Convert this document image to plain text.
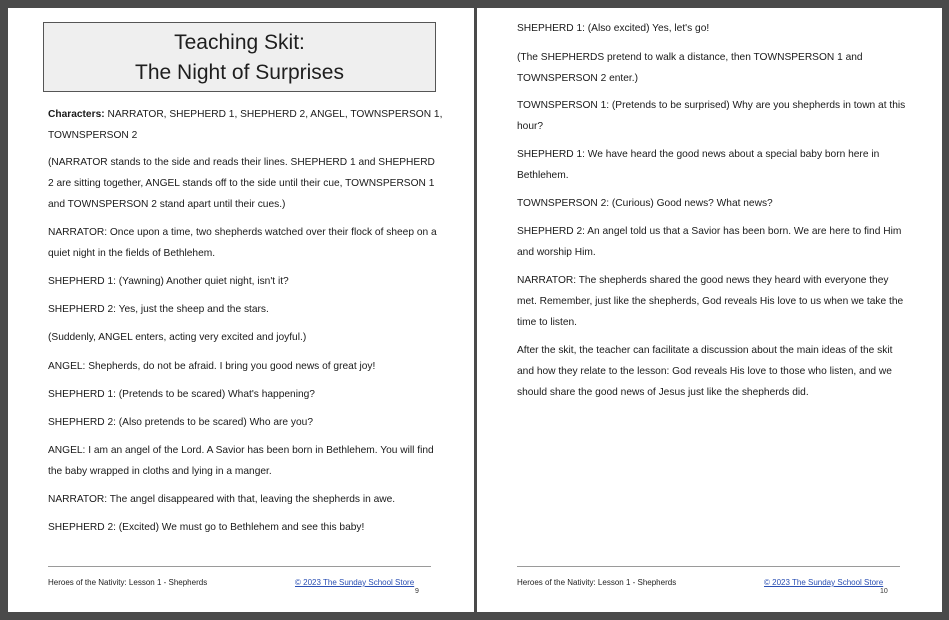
Teaching Skit:
The Night of Surprises
Characters: NARRATOR, SHEPHERD 1, SHEPHERD 2, ANGEL, TOWNSPERSON 1, TOWNSPERSON 2
(NARRATOR stands to the side and reads their lines. SHEPHERD 1 and SHEPHERD 2 are sitting together, ANGEL stands off to the side until their cue, TOWNSPERSON 1 and TOWNSPERSON 2 stand apart until their cues.)
NARRATOR: Once upon a time, two shepherds watched over their flock of sheep on a quiet night in the fields of Bethlehem.
SHEPHERD 1: (Yawning) Another quiet night, isn't it?
SHEPHERD 2: Yes, just the sheep and the stars.
(Suddenly, ANGEL enters, acting very excited and joyful.)
ANGEL: Shepherds, do not be afraid. I bring you good news of great joy!
SHEPHERD 1: (Pretends to be scared) What's happening?
SHEPHERD 2: (Also pretends to be scared) Who are you?
ANGEL: I am an angel of the Lord. A Savior has been born in Bethlehem. You will find the baby wrapped in cloths and lying in a manger.
NARRATOR: The angel disappeared with that, leaving the shepherds in awe.
SHEPHERD 2: (Excited) We must go to Bethlehem and see this baby!
Heroes of the Nativity: Lesson 1 - Shepherds	© 2023 The Sunday School Store
9
SHEPHERD 1: (Also excited) Yes, let's go!
(The SHEPHERDS pretend to walk a distance, then TOWNSPERSON 1 and TOWNSPERSON 2 enter.)
TOWNSPERSON 1: (Pretends to be surprised) Why are you shepherds in town at this hour?
SHEPHERD 1: We have heard the good news about a special baby born here in Bethlehem.
TOWNSPERSON 2: (Curious) Good news? What news?
SHEPHERD 2: An angel told us that a Savior has been born. We are here to find Him and worship Him.
NARRATOR: The shepherds shared the good news they heard with everyone they met. Remember, just like the shepherds, God reveals His love to us when we take the time to listen.
After the skit, the teacher can facilitate a discussion about the main ideas of the skit and how they relate to the lesson: God reveals His love to those who listen, and we should share the good news of Jesus just like the shepherds did.
Heroes of the Nativity: Lesson 1 - Shepherds	© 2023 The Sunday School Store
10
